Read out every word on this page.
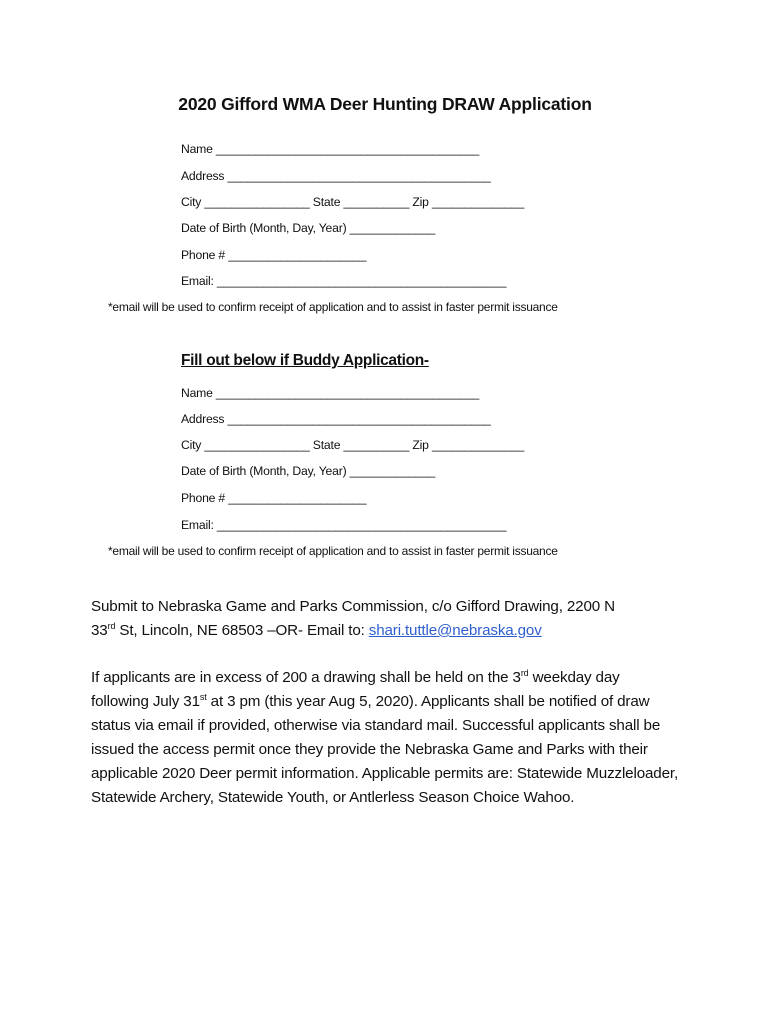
2020 Gifford WMA Deer Hunting DRAW Application
Name ________________________________________
Address ________________________________________
City ________________ State __________ Zip ______________
Date of Birth (Month, Day, Year) _____________
Phone # _____________________
Email: ____________________________________________
*email will be used to confirm receipt of application and to assist in faster permit issuance
Fill out below if Buddy Application-
Name ________________________________________
Address ________________________________________
City ________________ State __________ Zip ______________
Date of Birth (Month, Day, Year) _____________
Phone # _____________________
Email: ____________________________________________
*email will be used to confirm receipt of application and to assist in faster permit issuance
Submit to Nebraska Game and Parks Commission, c/o Gifford Drawing, 2200 N
33rd St, Lincoln, NE 68503 –OR- Email to: shari.tuttle@nebraska.gov
If applicants are in excess of 200 a drawing shall be held on the 3rd weekday day following July 31st at 3 pm (this year Aug 5, 2020). Applicants shall be notified of draw status via email if provided, otherwise via standard mail. Successful applicants shall be issued the access permit once they provide the Nebraska Game and Parks with their applicable 2020 Deer permit information. Applicable permits are: Statewide Muzzleloader, Statewide Archery, Statewide Youth, or Antlerless Season Choice Wahoo.
